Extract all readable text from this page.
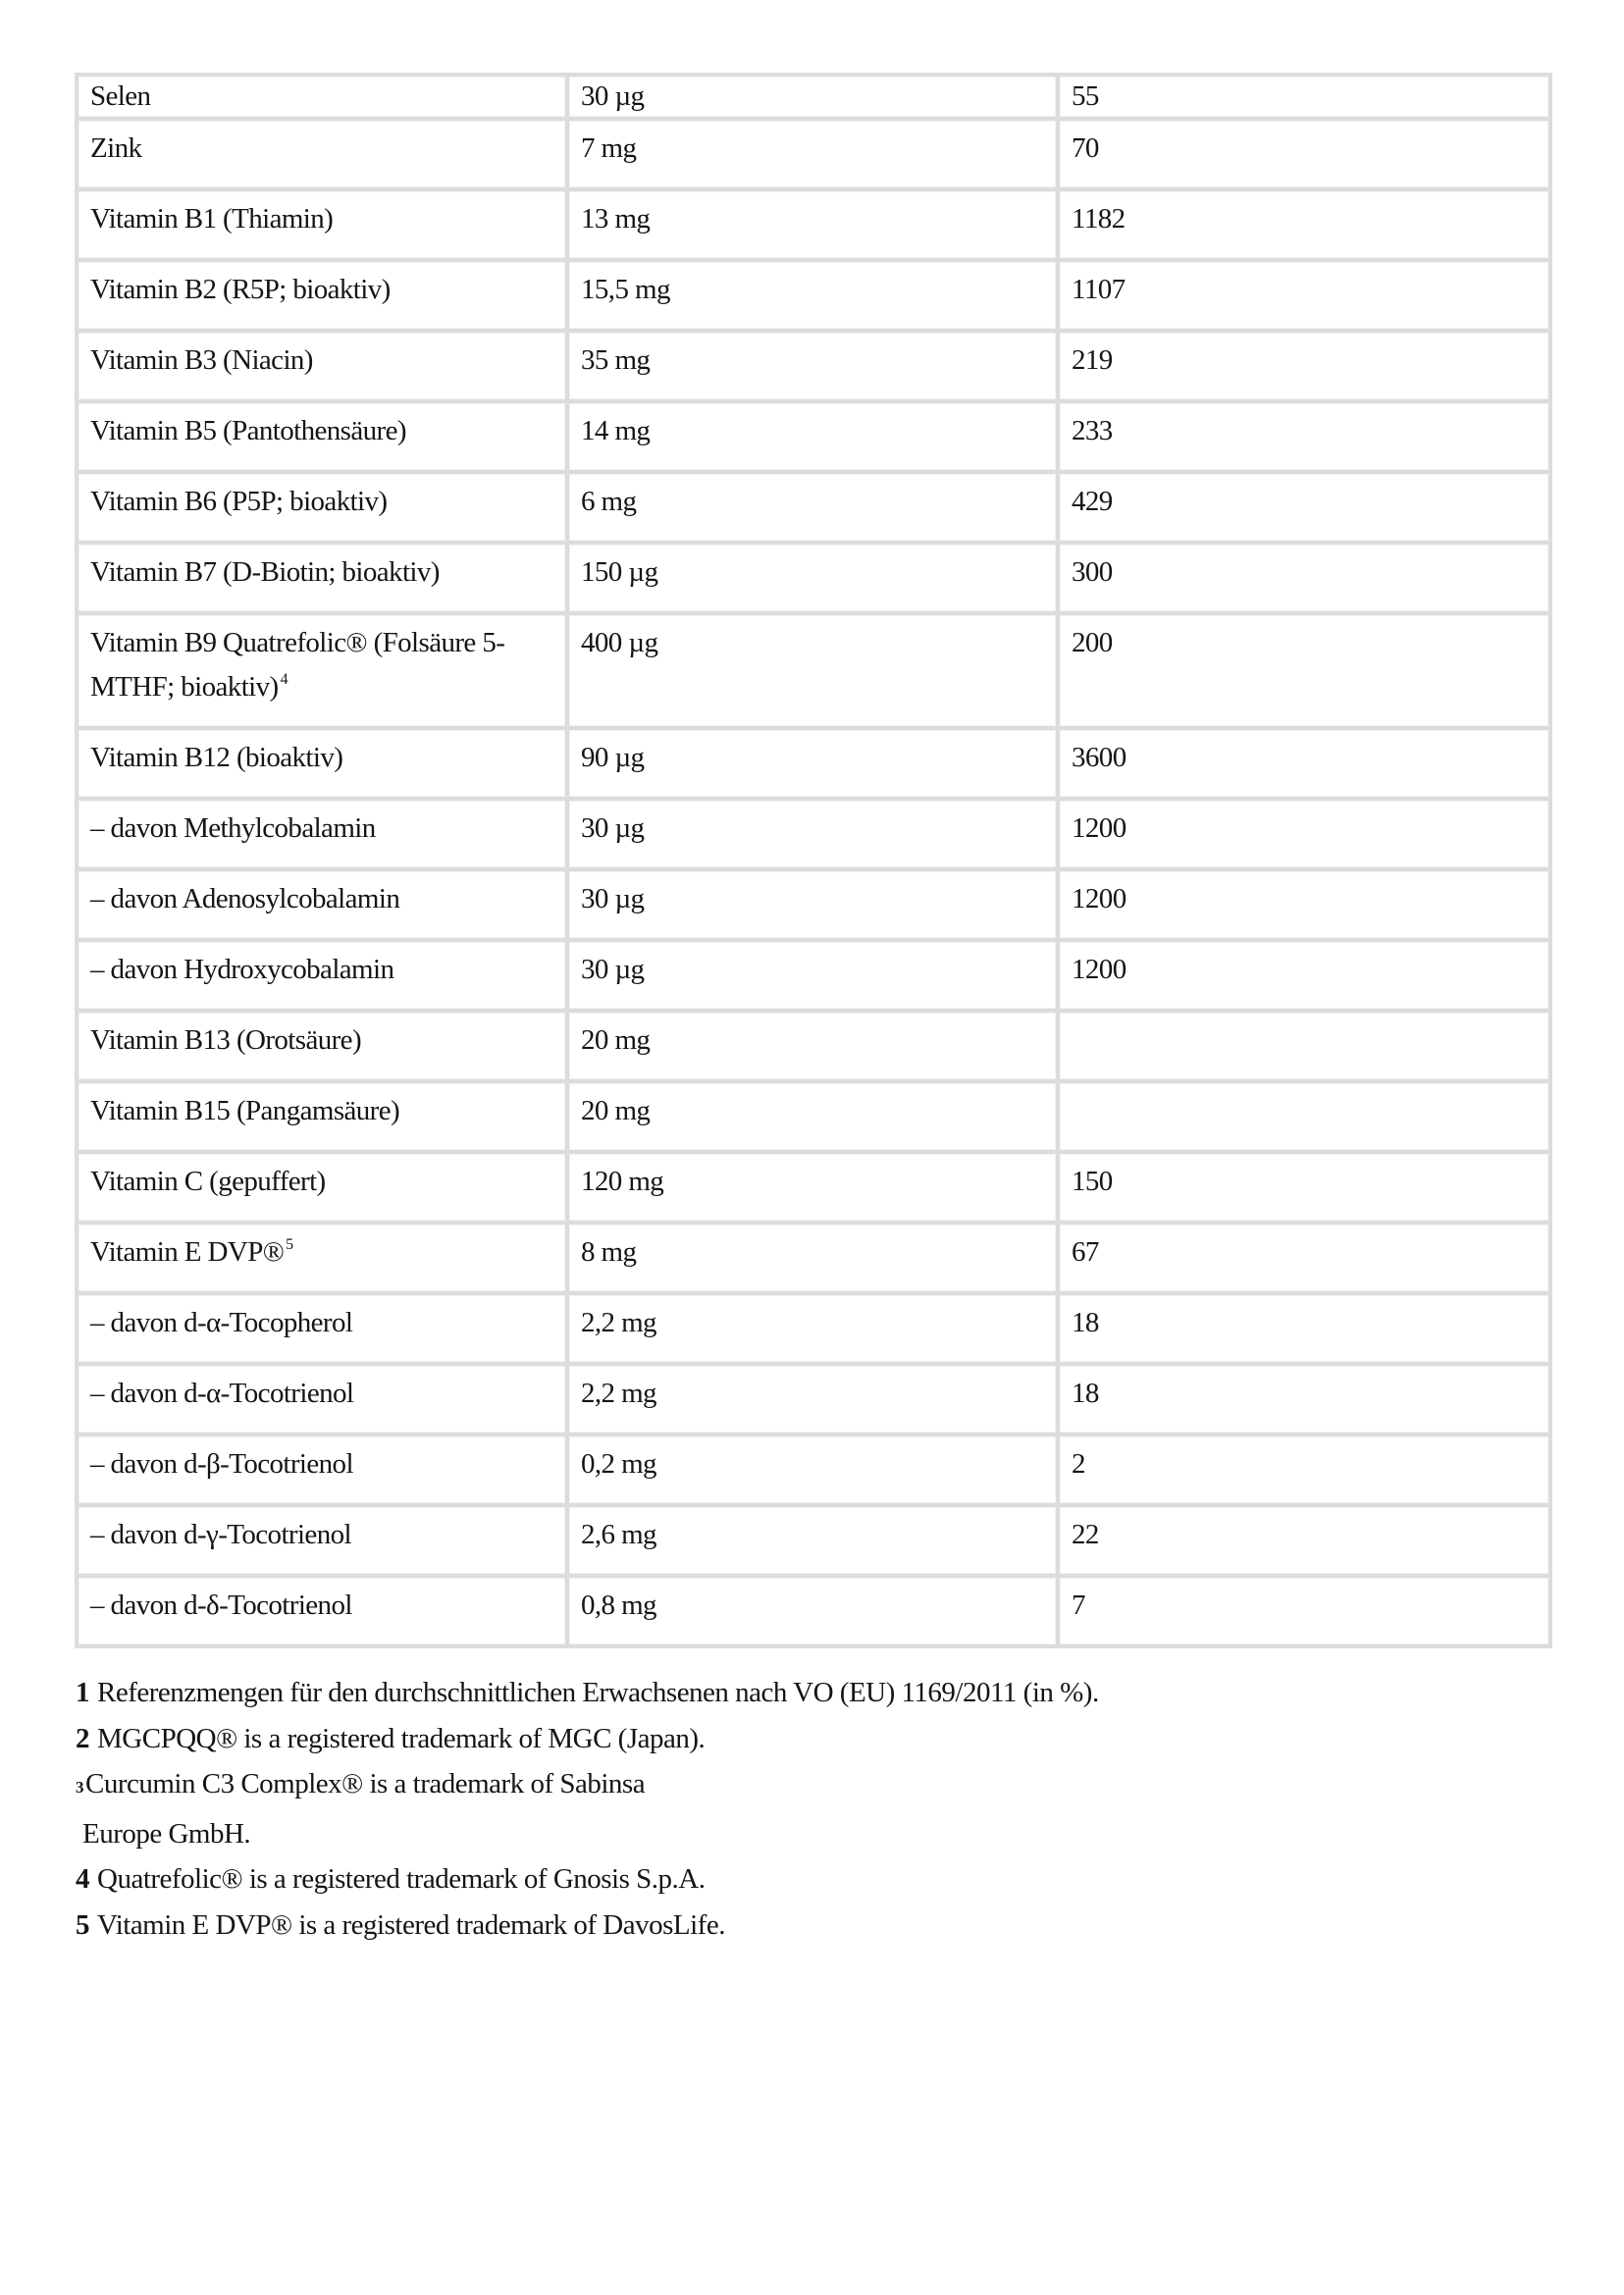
Selen	30 µg	55
Zink	7 mg	70
Vitamin B1 (Thiamin)	13 mg	1182
Vitamin B2 (R5P; bioaktiv)	15,5 mg	1107
Vitamin B3 (Niacin)	35 mg	219
Vitamin B5 (Pantothensäure)	14 mg	233
Vitamin B6 (P5P; bioaktiv)	6 mg	429
Vitamin B7 (D-Biotin; bioaktiv)	150 µg	300
Vitamin B9 Quatrefolic® (Folsäure 5-MTHF; bioaktiv) $^4$	400 µg	200
Vitamin B12 (bioaktiv)	90 µg	3600
– davon Methylcobalamin	30 µg	1200
– davon Adenosylcobalamin	30 µg	1200
– davon Hydroxycobalamin	30 µg	1200
Vitamin B13 (Orotsäure)	20 mg	
Vitamin B15 (Pangamsäure)	20 mg	
Vitamin C (gepuffert)	120 mg	150
Vitamin E DVP® $^5$	8 mg	67
– davon d-α-Tocopherol	2,2 mg	18
– davon d-α-Tocotrienol	2,2 mg	18
– davon d-β-Tocotrienol	0,2 mg	2
– davon d-γ-Tocotrienol	2,6 mg	22
– davon d-δ-Tocotrienol	0,8 mg	7
1 Referenzmengen für den durchschnittlichen Erwachsenen nach VO (EU) 1169/2011 (in %).
2 MGCPQQ® is a registered trademark of MGC (Japan).
3Curcumin C3 Complex® is a trademark of Sabinsa
Europe GmbH.
4 Quatrefolic® is a registered trademark of Gnosis S.p.A.
5 Vitamin E DVP® is a registered trademark of DavosLife.
